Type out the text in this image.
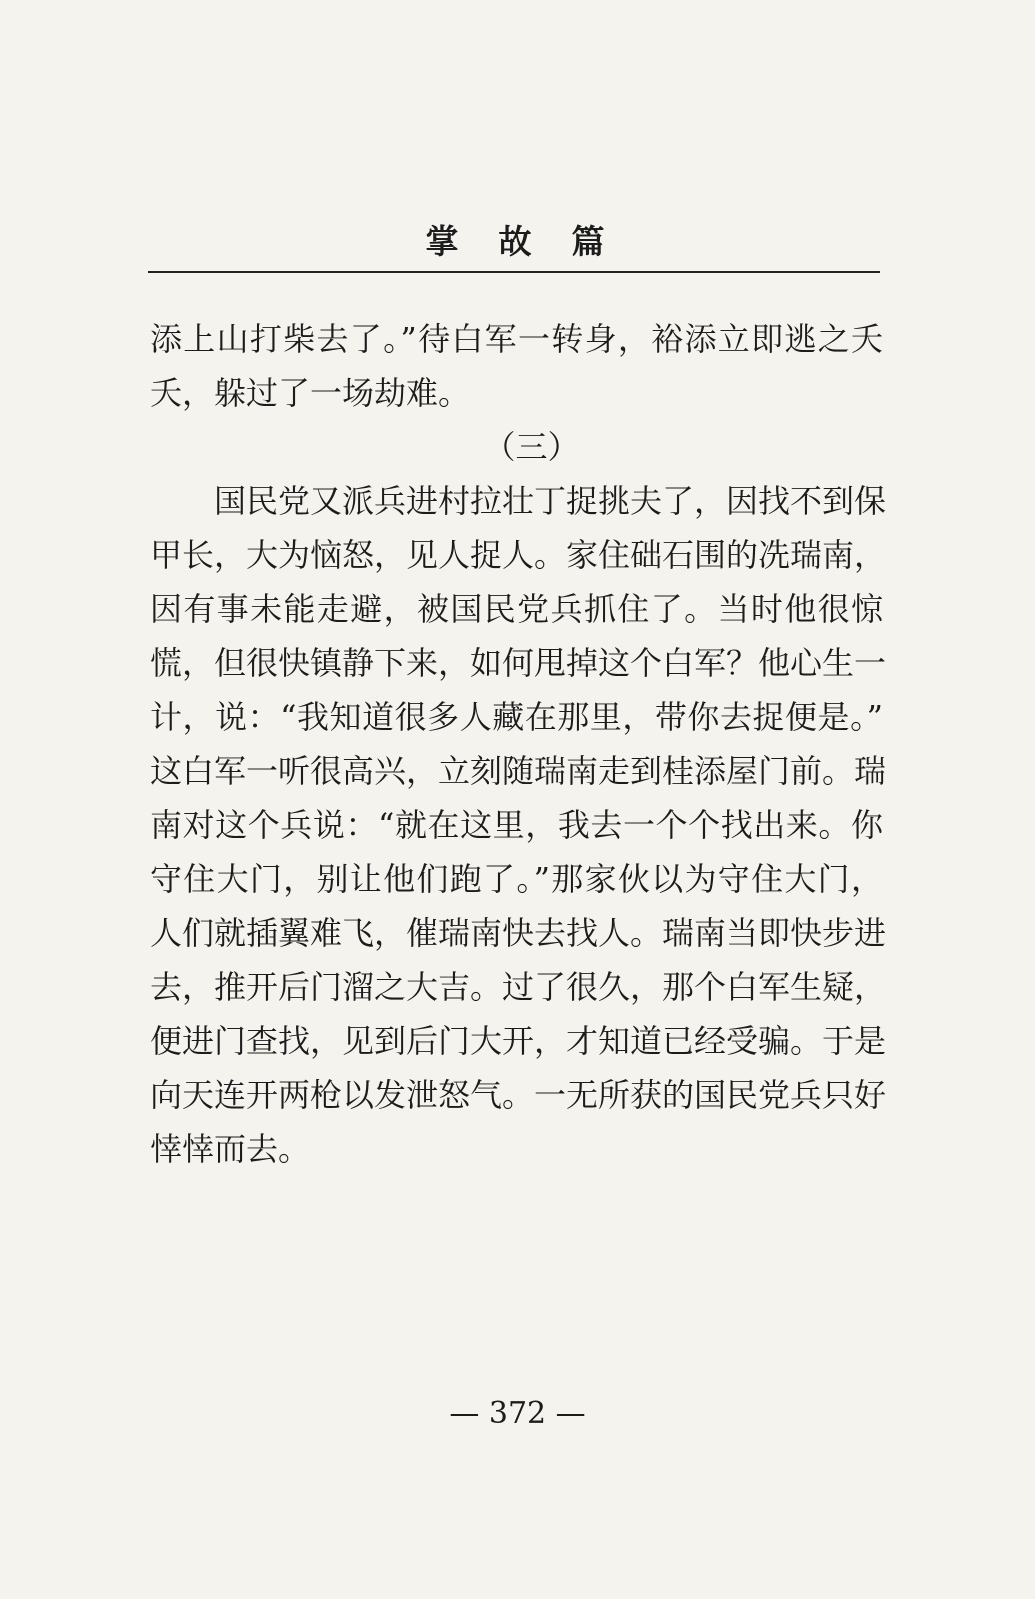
掌故篇
添上山打柴去了。”待白军一转身，裕添立即逃之夭
夭，躲过了一场劫难。
（三）
国民党又派兵进村拉壮丁捉挑夫了，因找不到保
甲长，大为恼怒，见人捉人。家住础石围的冼瑞南，
因有事未能走避，被国民党兵抓住了。当时他很惊
慌，但很快镇静下来，如何甩掉这个白军？他心生一
计，说：“我知道很多人藏在那里，带你去捉便是。”
这白军一听很高兴，立刻随瑞南走到桂添屋门前。瑞
南对这个兵说：“就在这里，我去一个个找出来。你
守住大门，别让他们跑了。”那家伙以为守住大门，
人们就插翼难飞，催瑞南快去找人。瑞南当即快步进
去，推开后门溜之大吉。过了很久，那个白军生疑，
便进门查找，见到后门大开，才知道已经受骗。于是
向天连开两枪以发泄怒气。一无所获的国民党兵只好
悻悻而去。
— 372 —
